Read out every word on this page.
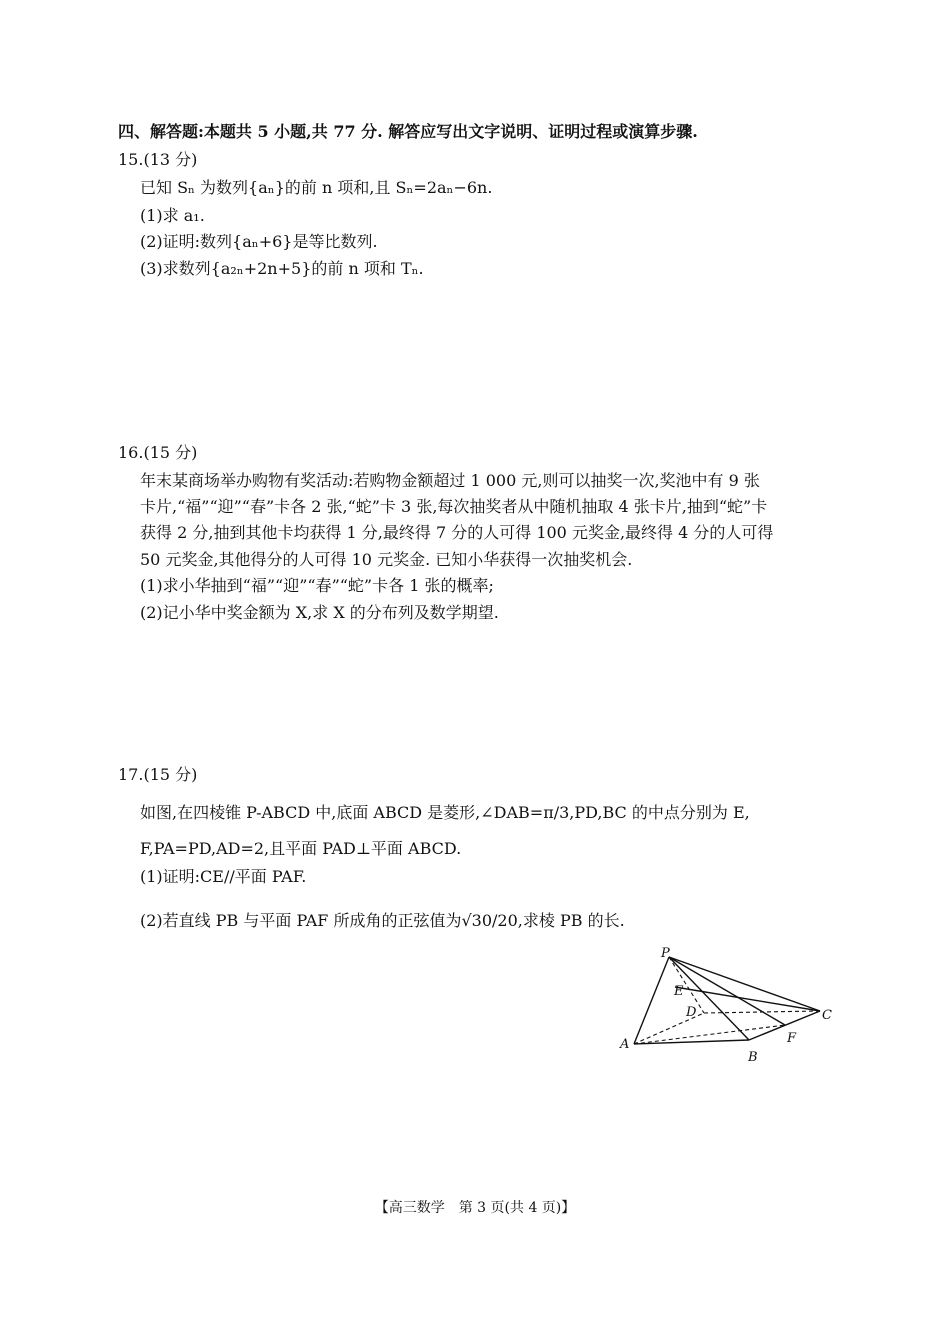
四、解答题:本题共 5 小题,共 77 分. 解答应写出文字说明、证明过程或演算步骤.
15.(13 分)
已知 Sₙ 为数列{aₙ}的前 n 项和,且 Sₙ=2aₙ−6n.
(1)求 a₁.
(2)证明:数列{aₙ+6}是等比数列.
(3)求数列{a₂ₙ+2n+5}的前 n 项和 Tₙ.
16.(15 分)
年末某商场举办购物有奖活动:若购物金额超过 1 000 元,则可以抽奖一次,奖池中有 9 张
卡片,“福”“迎”“春”卡各 2 张,“蛇”卡 3 张,每次抽奖者从中随机抽取 4 张卡片,抽到“蛇”卡
获得 2 分,抽到其他卡均获得 1 分,最终得 7 分的人可得 100 元奖金,最终得 4 分的人可得
50 元奖金,其他得分的人可得 10 元奖金. 已知小华获得一次抽奖机会.
(1)求小华抽到“福”“迎”“春”“蛇”卡各 1 张的概率;
(2)记小华中奖金额为 X,求 X 的分布列及数学期望.
17.(15 分)
如图,在四棱锥 P-ABCD 中,底面 ABCD 是菱形,∠DAB=π/3,PD,BC 的中点分别为 E,
F,PA=PD,AD=2,且平面 PAD⊥平面 ABCD.
(1)证明:CE//平面 PAF.
(2)若直线 PB 与平面 PAF 所成角的正弦值为√30/20,求棱 PB 的长.
P
E
D	C
F
A
B
【高三数学　第 3 页(共 4 页)】
